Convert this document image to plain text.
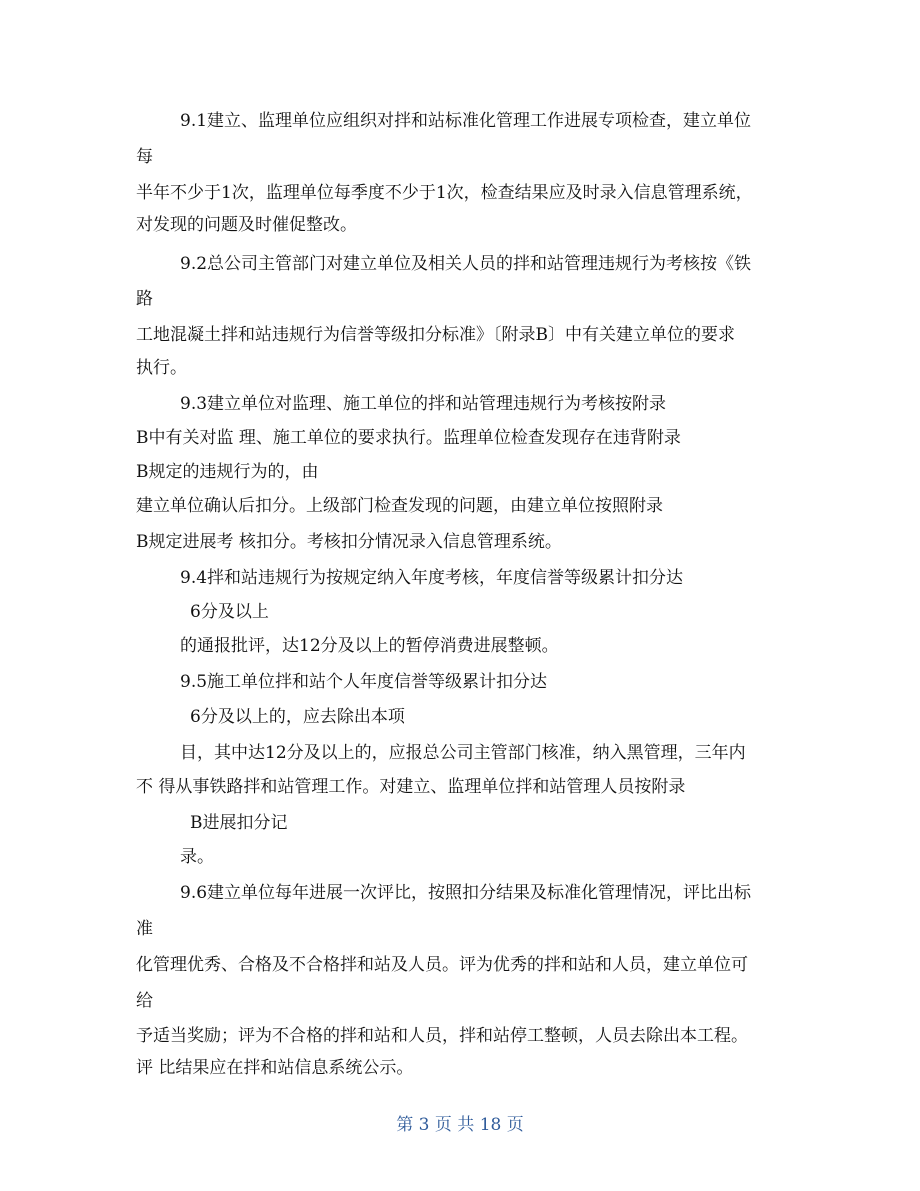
9.1建立、监理单位应组织对拌和站标准化管理工作进展专项检查，建立单位
每
半年不少于1次，监理单位每季度不少于1次，检查结果应及时录入信息管理系统，
对发现的问题及时催促整改。
9.2总公司主管部门对建立单位及相关人员的拌和站管理违规行为考核按《铁
路
工地混凝土拌和站违规行为信誉等级扣分标准》〔附录B〕中有关建立单位的要求
执行。
9.3建立单位对监理、施工单位的拌和站管理违规行为考核按附录
B中有关对监 理、施工单位的要求执行。监理单位检查发现存在违背附录
B规定的违规行为的，由
建立单位确认后扣分。上级部门检查发现的问题，由建立单位按照附录
B规定进展考 核扣分。考核扣分情况录入信息管理系统。
9.4拌和站违规行为按规定纳入年度考核，年度信誉等级累计扣分达
6分及以上
的通报批评，达12分及以上的暂停消费进展整顿。
9.5施工单位拌和站个人年度信誉等级累计扣分达
6分及以上的，应去除出本项
目，其中达12分及以上的，应报总公司主管部门核准，纳入黑管理，三年内
不 得从事铁路拌和站管理工作。对建立、监理单位拌和站管理人员按附录
B进展扣分记
录。
9.6建立单位每年进展一次评比，按照扣分结果及标准化管理情况，评比出标
准
化管理优秀、合格及不合格拌和站及人员。评为优秀的拌和站和人员，建立单位可
给
予适当奖励；评为不合格的拌和站和人员，拌和站停工整顿，人员去除出本工程。
评 比结果应在拌和站信息系统公示。
第 3 页 共 18 页
